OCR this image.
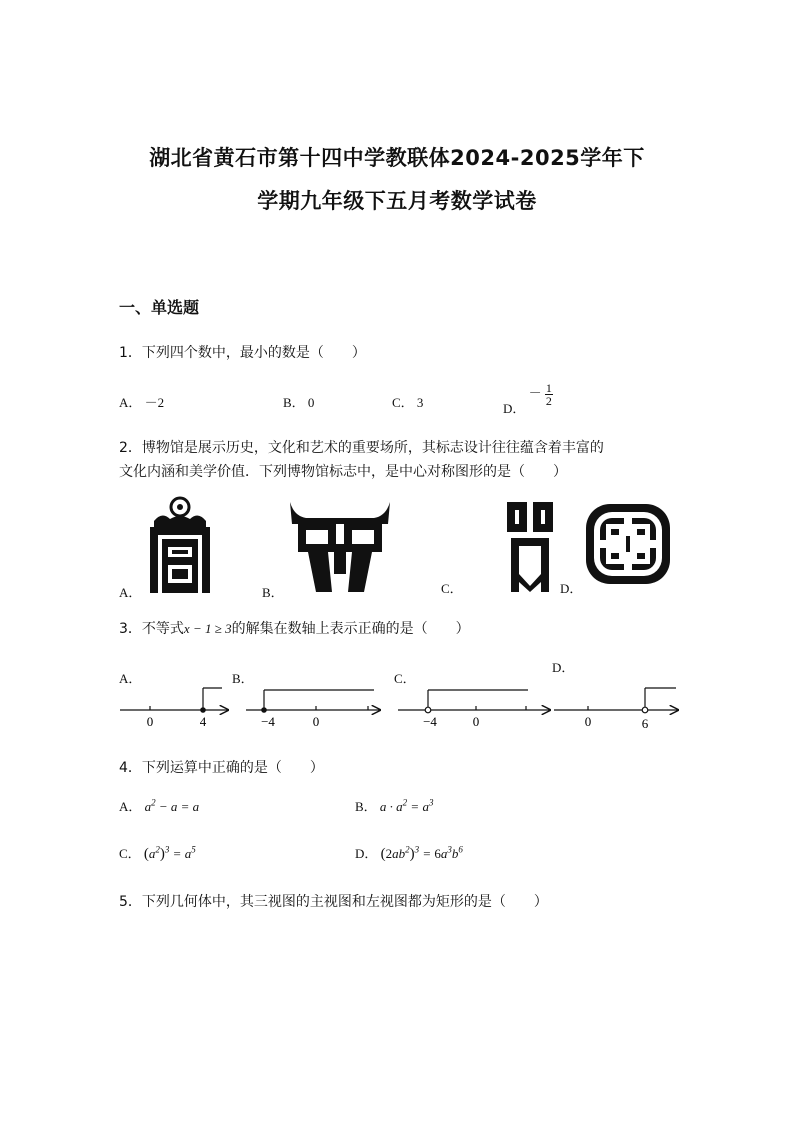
湖北省黄石市第十四中学教联体2024-2025学年下
学期九年级下五月考数学试卷
一、单选题
1．下列四个数中，最小的数是（　　）
A． －2	B． 0	C． 3	D． － $\frac{1}{2}$
2．博物馆是展示历史，文化和艺术的重要场所，其标志设计往往蕴含着丰富的
文化内涵和美学价值．下列博物馆标志中，是中心对称图形的是（　　）
A．	B．	C．	D．
3．不等式x − 1 ≥ 3的解集在数轴上表示正确的是（　　）
A．	B．	C．
D．
0	4	−4	0	−4	0	0	6
4．下列运算中正确的是（　　）
A． $a^2 - a = a$	B． $a \cdot a^2 = a^3$
C． $(a^2)^3 = a^5$	D． $(2ab^2)^3 = 6a^3b^6$
5．下列几何体中，其三视图的主视图和左视图都为矩形的是（　　）
